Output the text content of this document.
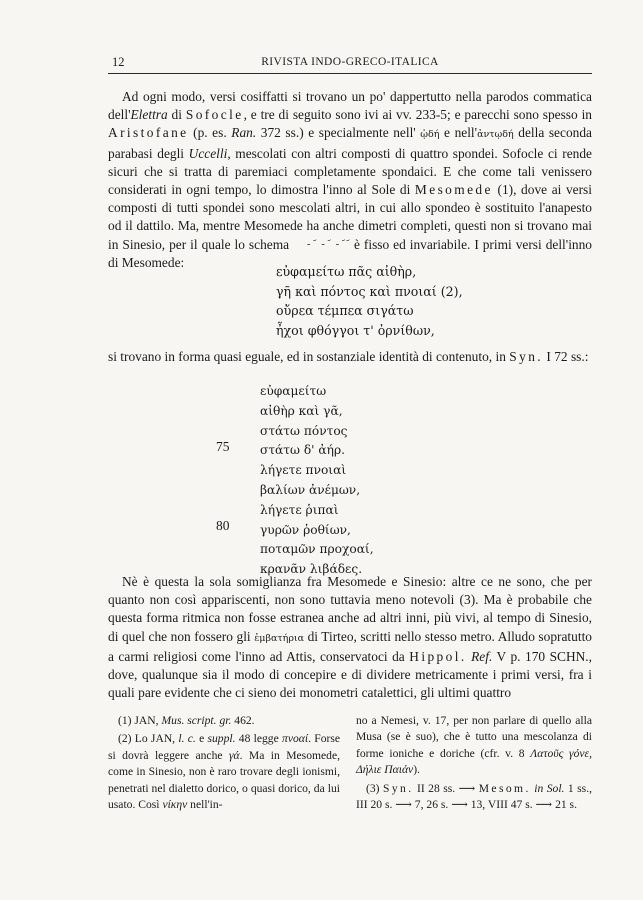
12	RIVISTA INDO-GRECO-ITALICA
Ad ogni modo, versi cosiffatti si trovano un po' dappertutto nella parodos commatica dell'Elettra di Sofocle, e tre di seguito sono ivi ai vv. 233-5; e parecchi sono spesso in Aristofane (p. es. Ran. 372 ss.) e specialmente nell' ᾠδή e nell'ἀντῳδή della seconda parabasi degli Uccelli, mescolati con altri composti di quattro spondei. Sofocle ci rende sicuri che si tratta di paremiaci completamente spondaici. E che come tali venissero considerati in ogni tempo, lo dimostra l'inno al Sole di Mesomede (1), dove ai versi composti di tutti spondei sono mescolati altri, in cui allo spondeo è sostituito l'anapesto od il dattilo. Ma, mentre Mesomede ha anche dimetri completi, questi non si trovano mai in Sinesio, per il quale lo schema - ᷄ - ᷄ - ᷄ ᷄ è fisso ed invariabile. I primi versi dell'inno di Mesomede:
εὐφαμείτω πᾶς αἰθὴρ,
γῆ καὶ πόντος καὶ πνοιαί (2),
οὔρεα τέμπεα σιγάτω
ἦχοι φθόγγοι τ' ὀρνίθων,
si trovano in forma quasi eguale, ed in sostanziale identità di contenuto, in Syn. I 72 ss.:
εὐφαμείτω
αἰθὴρ καὶ γᾶ,
στάτω πόντος
στάτω δ' ἀήρ.
λήγετε πνοιαὶ
βαλίων ἀνέμων,
λήγετε ῥιπαὶ
γυρῶν ῥοθίων,
ποταμῶν προχοαί,
κρανᾶν λιβάδες.
75
80
Nè è questa la sola somiglianza fra Mesomede e Sinesio: altre ce ne sono, che per quanto non così appariscenti, non sono tuttavia meno notevoli (3). Ma è probabile che questa forma ritmica non fosse estranea anche ad altri inni, più vivi, al tempo di Sinesio, di quel che non fossero gli ἐμβατήρια di Tirteo, scritti nello stesso metro. Alludo sopratutto a carmi religiosi come l'inno ad Attis, conservatoci da Hippol. Ref. V p. 170 SCHN., dove, qualunque sia il modo di concepire e di dividere metricamente i primi versi, fra i quali pare evidente che ci sieno dei monometri catalettici, gli ultimi quattro
(1) JAN, Mus. script. gr. 462.
(2) Lo JAN, l. c. e suppl. 48 legge πνοαί. Forse si dovrà leggere anche γά. Ma in Mesomede, come in Sinesio, non è raro trovare degli ionismi, penetrati nel dialetto dorico, o quasi dorico, da lui usato. Così νίκην nell'in-
no a Nemesi, v. 17, per non parlare di quello alla Musa (se è suo), che è tutto una mescolanza di forme ioniche e doriche (cfr. v. 8 Λατοῦς γόνε, Δήλιε Παιάν).
(3) Syn. II 28 ss. ⟶ Mesom. in Sol. 1 ss., III 20 s. ⟶ 7, 26 s. ⟶ 13, VIII 47 s. ⟶ 21 s.
